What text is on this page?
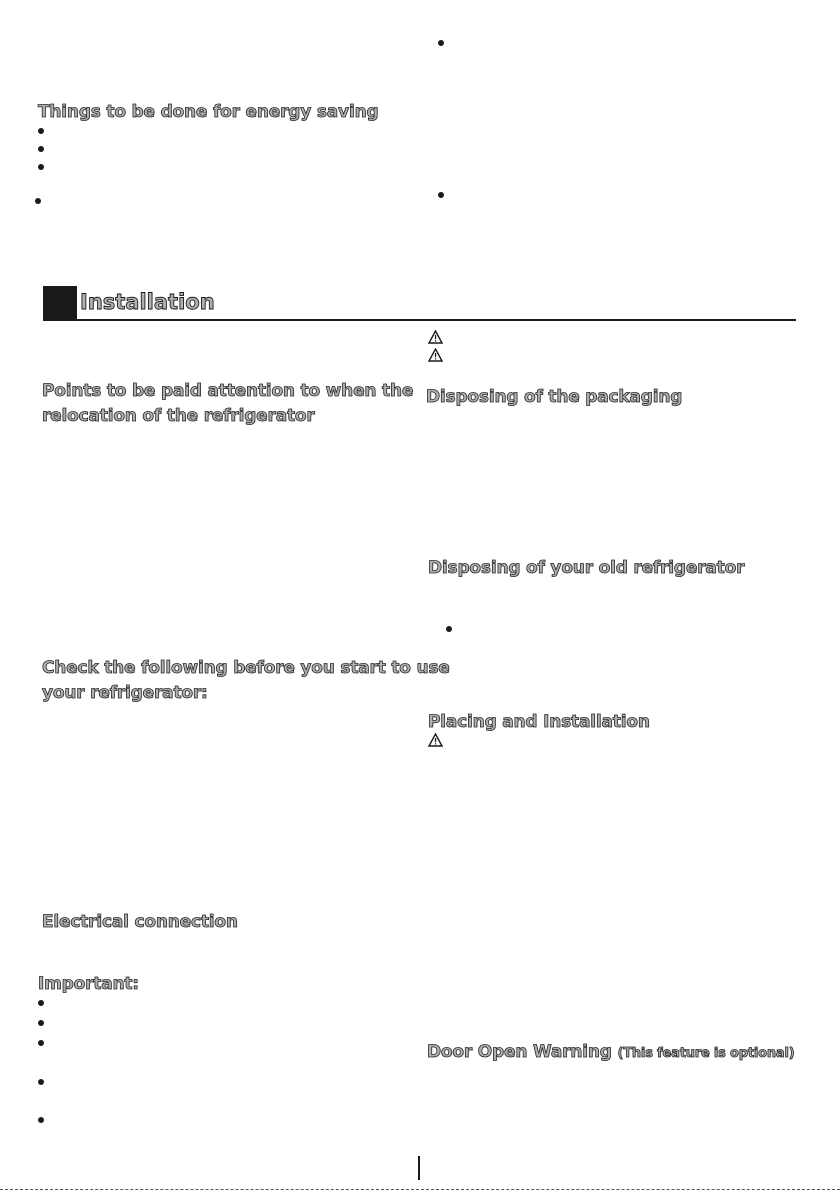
Things to be done for energy saving
Installation
Points to be paid attention to when the
relocation of the refrigerator
Check the following before you start to use
your refrigerator:
Electrical connection
Important:
Disposing of the packaging
Disposing of your old refrigerator
Placing and Installation
Door Open Warning (This feature is optional)
